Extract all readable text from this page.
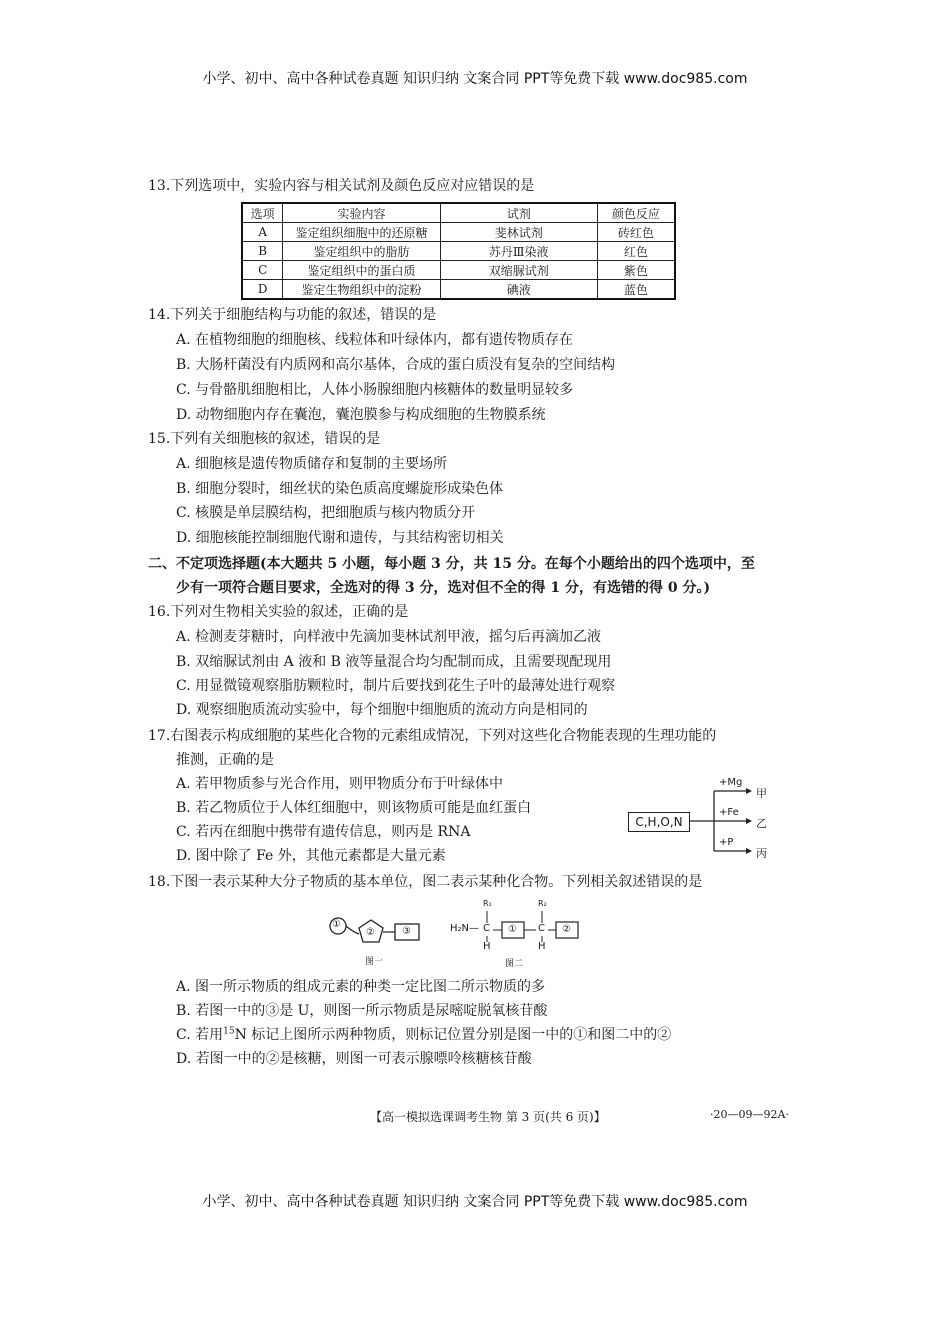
小学、初中、高中各种试卷真题 知识归纳 文案合同 PPT等免费下载 www.doc985.com
13.下列选项中，实验内容与相关试剂及颜色反应对应错误的是
选项	实验内容	试剂	颜色反应
A	鉴定组织细胞中的还原糖	斐林试剂	砖红色
B	鉴定组织中的脂肪	苏丹Ⅲ染液	红色
C	鉴定组织中的蛋白质	双缩脲试剂	紫色
D	鉴定生物组织中的淀粉	碘液	蓝色
14.下列关于细胞结构与功能的叙述，错误的是
A. 在植物细胞的细胞核、线粒体和叶绿体内，都有遗传物质存在
B. 大肠杆菌没有内质网和高尔基体，合成的蛋白质没有复杂的空间结构
C. 与骨骼肌细胞相比，人体小肠腺细胞内核糖体的数量明显较多
D. 动物细胞内存在囊泡，囊泡膜参与构成细胞的生物膜系统
15.下列有关细胞核的叙述，错误的是
A. 细胞核是遗传物质储存和复制的主要场所
B. 细胞分裂时，细丝状的染色质高度螺旋形成染色体
C. 核膜是单层膜结构，把细胞质与核内物质分开
D. 细胞核能控制细胞代谢和遗传，与其结构密切相关
二、不定项选择题(本大题共 5 小题，每小题 3 分，共 15 分。在每个小题给出的四个选项中，至
少有一项符合题目要求，全选对的得 3 分，选对但不全的得 1 分，有选错的得 0 分。)
16.下列对生物相关实验的叙述，正确的是
A. 检测麦芽糖时，向样液中先滴加斐林试剂甲液，摇匀后再滴加乙液
B. 双缩脲试剂由 A 液和 B 液等量混合均匀配制而成，且需要现配现用
C. 用显微镜观察脂肪颗粒时，制片后要找到花生子叶的最薄处进行观察
D. 观察细胞质流动实验中，每个细胞中细胞质的流动方向是相同的
17.右图表示构成细胞的某些化合物的元素组成情况，下列对这些化合物能表现的生理功能的
推测，正确的是
A. 若甲物质参与光合作用，则甲物质分布于叶绿体中
B. 若乙物质位于人体红细胞中，则该物质可能是血红蛋白
C. 若丙在细胞中携带有遗传信息，则丙是 RNA
D. 图中除了 Fe 外，其他元素都是大量元素
C,H,O,N
+Mg
甲
+Fe
乙
+P
丙
18.下图一表示某种大分子物质的基本单位，图二表示某种化合物。下列相关叙述错误的是
①
②	③
图一
H₂N—
R₁
C
H
R₂
C
H
①	②
图二
A. 图一所示物质的组成元素的种类一定比图二所示物质的多
B. 若图一中的③是 U，则图一所示物质是尿嘧啶脱氧核苷酸
C. 若用$^{15}$N 标记上图所示两种物质，则标记位置分别是图一中的①和图二中的②
D. 若图一中的②是核糖，则图一可表示腺嘌呤核糖核苷酸
【高一模拟选课调考生物 第 3 页(共 6 页)】	·20—09—92A·
小学、初中、高中各种试卷真题 知识归纳 文案合同 PPT等免费下载 www.doc985.com
